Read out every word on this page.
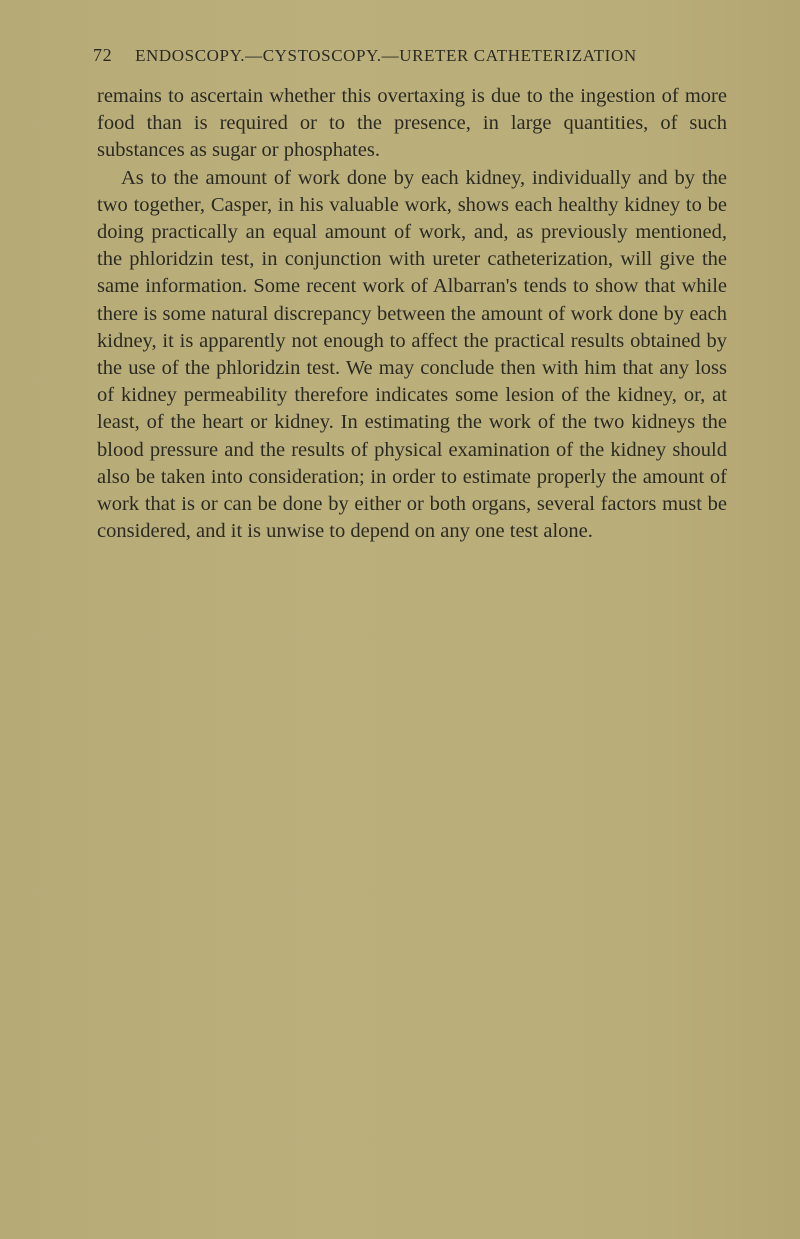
72 ENDOSCOPY.—CYSTOSCOPY.—URETER CATHETERIZATION

remains to ascertain whether this overtaxing is due to the ingestion of more food than is required or to the presence, in large quantities, of such substances as sugar or phosphates.

As to the amount of work done by each kidney, individually and by the two together, Casper, in his valuable work, shows each healthy kidney to be doing practically an equal amount of work, and, as previously mentioned, the phloridzin test, in conjunction with ureter catheterization, will give the same information. Some recent work of Albarran's tends to show that while there is some natural discrepancy between the amount of work done by each kidney, it is apparently not enough to affect the practical results obtained by the use of the phloridzin test. We may conclude then with him that any loss of kidney permeability therefore indicates some lesion of the kidney, or, at least, of the heart or kidney. In estimating the work of the two kidneys the blood pressure and the results of physical examination of the kidney should also be taken into consideration; in order to estimate properly the amount of work that is or can be done by either or both organs, several factors must be considered, and it is unwise to depend on any one test alone.
